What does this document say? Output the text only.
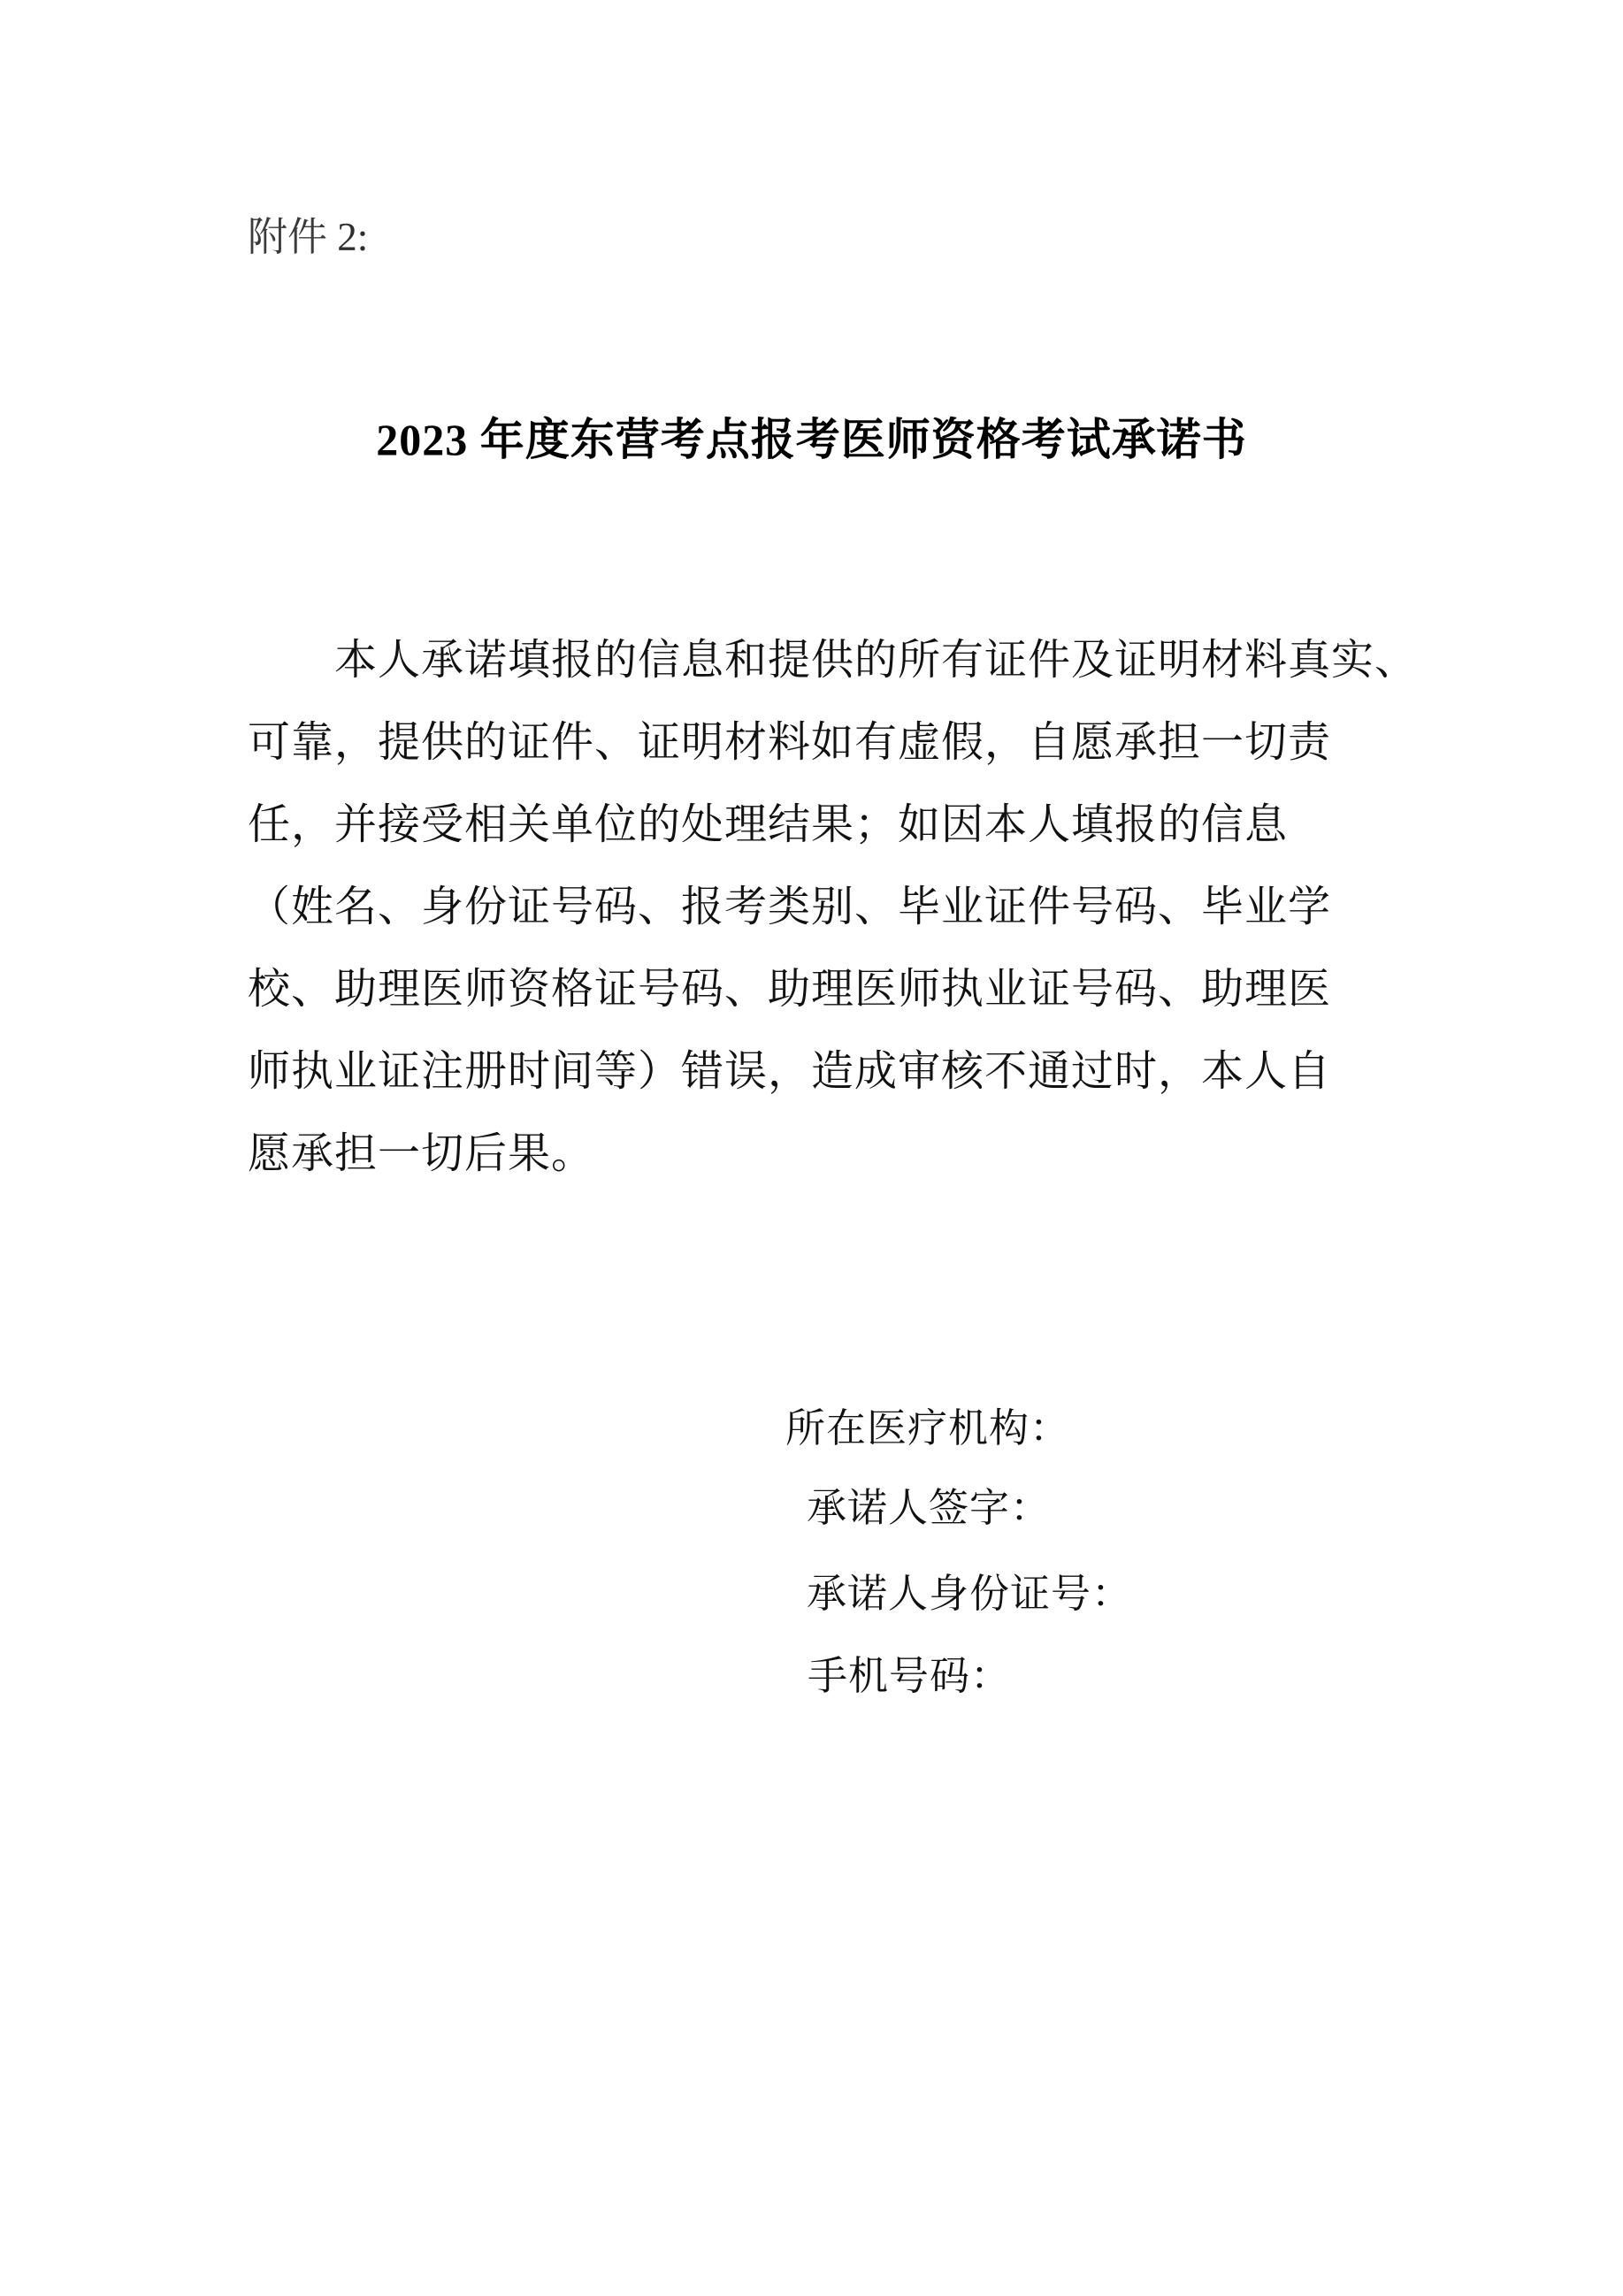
附件 2:
2023 年度东营考点报考医师资格考试承诺书
本人承诺填报的信息和提供的所有证件及证明材料真实、
可靠，提供的证件、证明材料如有虚假，自愿承担一切责
任，并接受相关单位的处理结果；如因本人填报的信息
（姓名、身份证号码、报考类别、毕业证件号码、毕业学
校、助理医师资格证号码、助理医师执业证号码、助理医
师执业证注册时间等）错误，造成审核不通过时，本人自
愿承担一切后果。
所在医疗机构：
承诺人签字：
承诺人身份证号：
手机号码：
